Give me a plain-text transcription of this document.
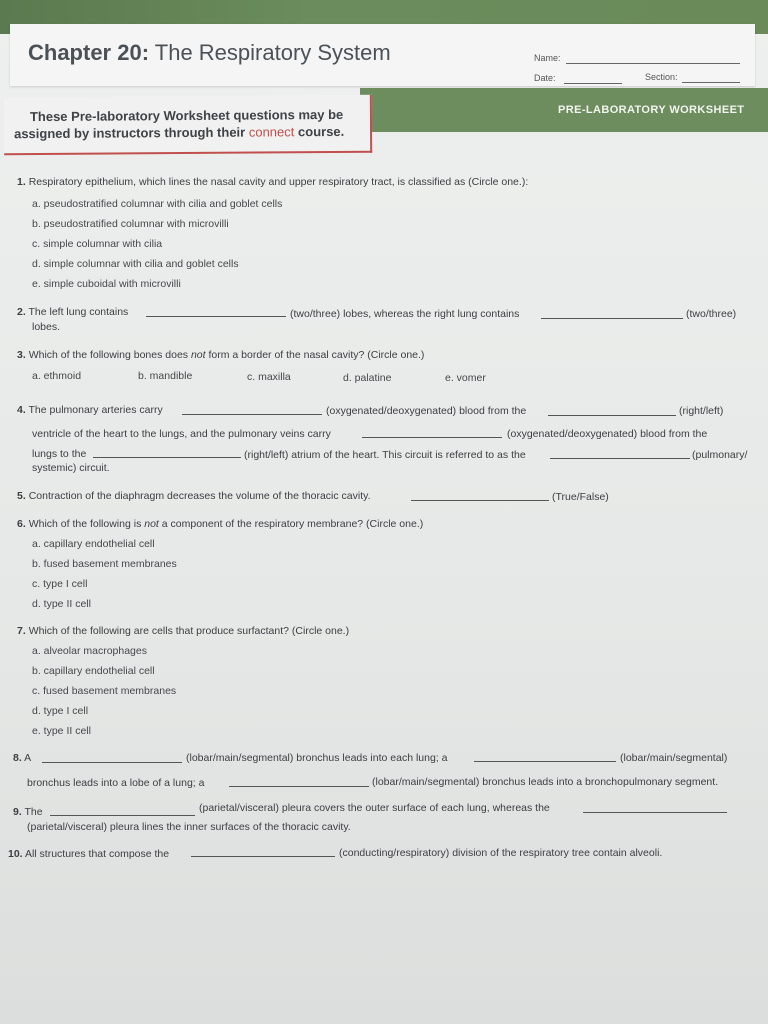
Chapter 20: The Respiratory System	Name:
Date:	Section:
PRE-LABORATORY WORKSHEET
These Pre-laboratory Worksheet questions may be
assigned by instructors through their connect course.
1. Respiratory epithelium, which lines the nasal cavity and upper respiratory tract, is classified as (Circle one.):
a. pseudostratified columnar with cilia and goblet cells
b. pseudostratified columnar with microvilli
c. simple columnar with cilia
d. simple columnar with cilia and goblet cells
e. simple cuboidal with microvilli
2. The left lung contains	(two/three) lobes, whereas the right lung contains	(two/three)
lobes.
3. Which of the following bones does not form a border of the nasal cavity? (Circle one.)
a. ethmoid	b. mandible	c. maxilla	d. palatine	e. vomer
4. The pulmonary arteries carry	(oxygenated/deoxygenated) blood from the	(right/left)
ventricle of the heart to the lungs, and the pulmonary veins carry	(oxygenated/deoxygenated) blood from the
lungs to the	(right/left) atrium of the heart. This circuit is referred to as the	(pulmonary/
systemic) circuit.
5. Contraction of the diaphragm decreases the volume of the thoracic cavity.	(True/False)
6. Which of the following is not a component of the respiratory membrane? (Circle one.)
a. capillary endothelial cell
b. fused basement membranes
c. type I cell
d. type II cell
7. Which of the following are cells that produce surfactant? (Circle one.)
a. alveolar macrophages
b. capillary endothelial cell
c. fused basement membranes
d. type I cell
e. type II cell
8. A	(lobar/main/segmental) bronchus leads into each lung; a	(lobar/main/segmental)
bronchus leads into a lobe of a lung; a	(lobar/main/segmental) bronchus leads into a bronchopulmonary segment.
9. The	(parietal/visceral) pleura covers the outer surface of each lung, whereas the
(parietal/visceral) pleura lines the inner surfaces of the thoracic cavity.
10. All structures that compose the	(conducting/respiratory) division of the respiratory tree contain alveoli.
